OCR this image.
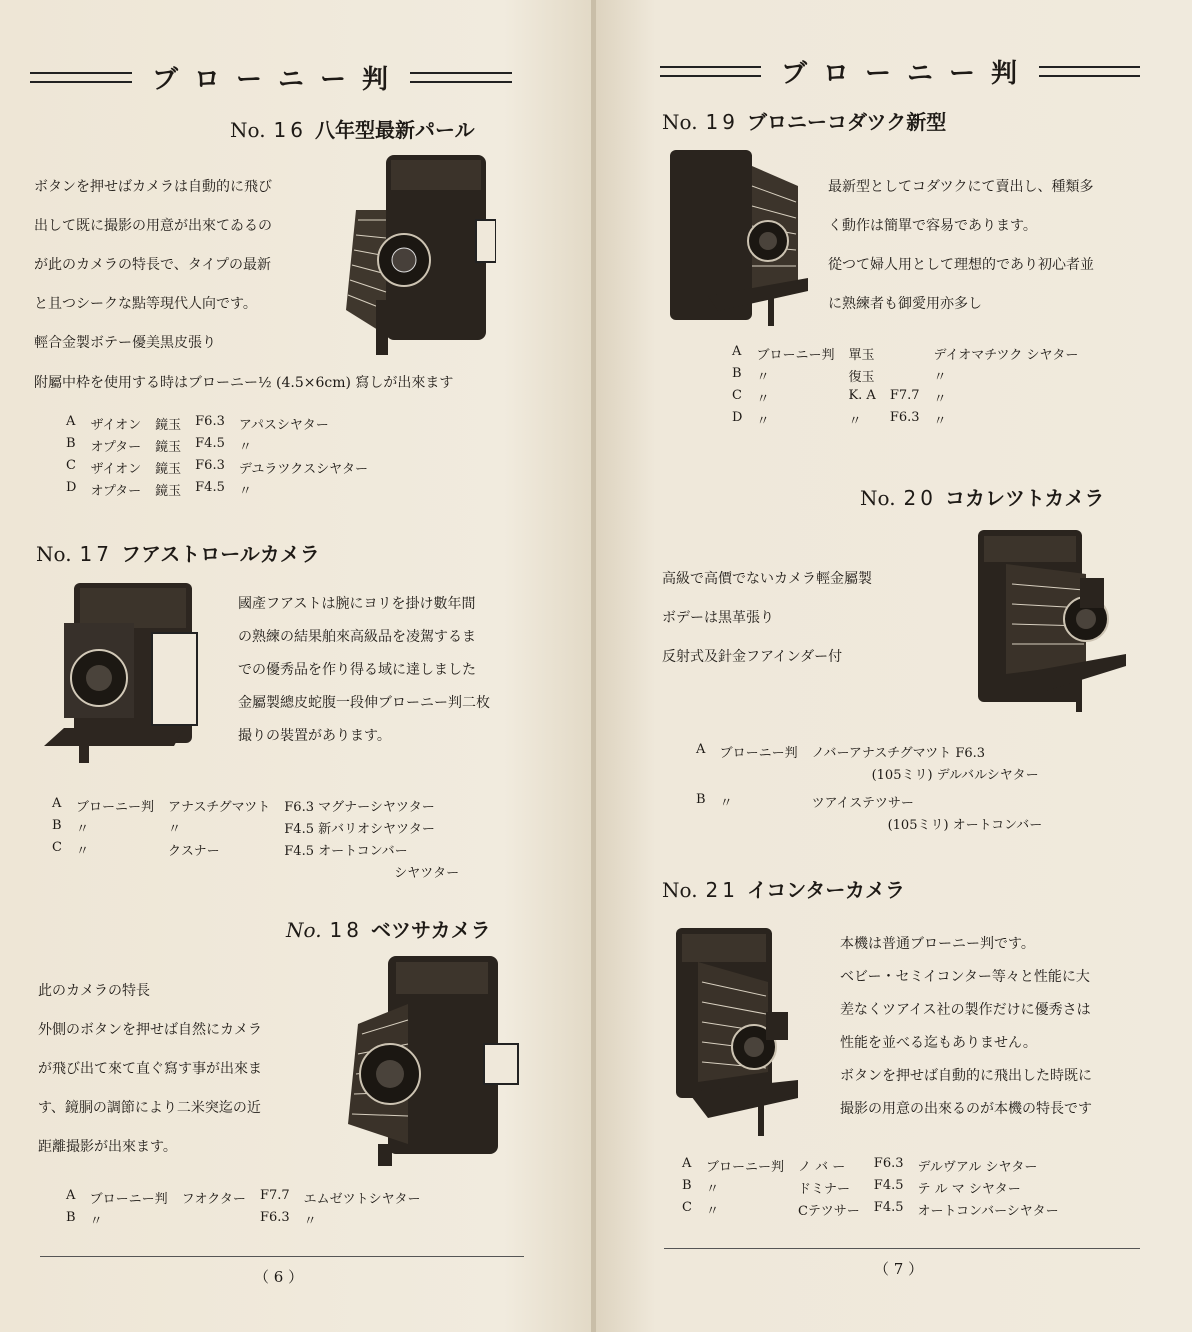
ブローニー判
No. 16 八年型最新パール
ボタンを押せばカメラは自動的に飛び
出して既に撮影の用意が出來てゐるの
が此のカメラの特長で、タイプの最新
と且つシークな點等現代人向です。
輕合金製ボテー優美黒皮張り
附屬中枠を使用する時はブローニー½ (4.5×6cm) 寫しが出來ます
A	ザイオン	鏡玉	F6.3	アパスシヤター
B	オプター	鏡玉	F4.5	〃
C	ザイオン	鏡玉	F6.3	デユラツクスシヤター
D	オプター	鏡玉	F4.5	〃
No. 17 フアストロールカメラ
國產フアストは腕にヨリを掛け數年間
の熟練の結果舶來高級品を凌駕するま
での優秀品を作り得る域に達しました
金屬製總皮蛇腹一段伸ブローニー判二枚
撮りの裝置があります。
A	ブローニー判	アナスチグマツト	F6.3 マグナーシヤツター
B	〃	〃	F4.5 新バリオシヤツター
C	〃	クスナー	F4.5 オートコンバー
			シヤツター
No. 18 ベツサカメラ
此のカメラの特長
外側のボタンを押せば自然にカメラ
が飛び出て來て直ぐ寫す事が出來ま
す、鏡胴の調節により二米突迄の近
距離撮影が出來ます。
A	ブローニー判	フオクター	F7.7	エムゼツトシヤター
B	〃		F6.3	〃
（ 6 ）
ブローニー判
No. 19 ブロニーコダツク新型
最新型としてコダツクにて賣出し、種類多
く動作は簡單で容易であります。
從つて婦人用として理想的であり初心者並
に熟練者も御愛用亦多し
A	ブローニー判	單玉		デイオマチツク シヤター
B	〃	復玉		〃
C	〃	K. A	F7.7	〃
D	〃	〃	F6.3	〃
No. 20 コカレツトカメラ
高級で高價でないカメラ輕金屬製
ボデーは黒革張り
反射式及針金フアインダー付
A	ブローニー判	ノバーアナスチグマツト F6.3
		(105ミリ) デルバルシヤター
B	〃	ツアイステツサー
		(105ミリ) オートコンバー
No. 21 イコンターカメラ
本機は普通ブローニー判です。
ベビー・セミイコンター等々と性能に大
差なくツアイス社の製作だけに優秀さは
性能を並べる迄もありません。
ボタンを押せば自動的に飛出した時既に
撮影の用意の出來るのが本機の特長です
A	ブローニー判	ノ バ ー	F6.3	デルヴアル シヤター
B	〃	ドミナー	F4.5	テ ル マ シヤター
C	〃	Cテツサー	F4.5	オートコンバーシヤター
（ 7 ）
